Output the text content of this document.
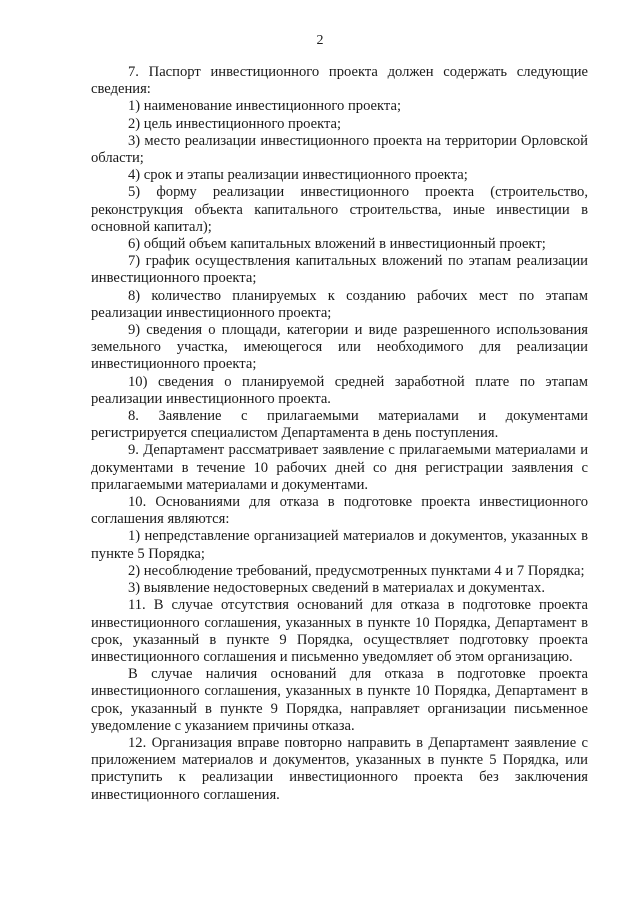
2

7. Паспорт инвестиционного проекта должен содержать следующие сведения:

1) наименование инвестиционного проекта;

2) цель инвестиционного проекта;

3) место реализации инвестиционного проекта на территории Орловской области;

4) срок и этапы реализации инвестиционного проекта;

5) форму реализации инвестиционного проекта (строительство, реконструкция объекта капитального строительства, иные инвестиции в основной капитал);

6) общий объем капитальных вложений в инвестиционный проект;

7) график осуществления капитальных вложений по этапам реализации инвестиционного проекта;

8) количество планируемых к созданию рабочих мест по этапам реализации инвестиционного проекта;

9) сведения о площади, категории и виде разрешенного использования земельного участка, имеющегося или необходимого для реализации инвестиционного проекта;

10) сведения о планируемой средней заработной плате по этапам реализации инвестиционного проекта.

8. Заявление с прилагаемыми материалами и документами регистрируется специалистом Департамента в день поступления.

9. Департамент рассматривает заявление с прилагаемыми материалами и документами в течение 10 рабочих дней со дня регистрации заявления с прилагаемыми материалами и документами.

10. Основаниями для отказа в подготовке проекта инвестиционного соглашения являются:

1) непредставление организацией материалов и документов, указанных в пункте 5 Порядка;

2) несоблюдение требований, предусмотренных пунктами 4 и 7 Порядка;

3) выявление недостоверных сведений в материалах и документах.

11. В случае отсутствия оснований для отказа в подготовке проекта инвестиционного соглашения, указанных в пункте 10 Порядка, Департамент в срок, указанный в пункте 9 Порядка, осуществляет подготовку проекта инвестиционного соглашения и письменно уведомляет об этом организацию.

В случае наличия оснований для отказа в подготовке проекта инвестиционного соглашения, указанных в пункте 10 Порядка, Департамент в срок, указанный в пункте 9 Порядка, направляет организации письменное уведомление с указанием причины отказа.

12. Организация вправе повторно направить в Департамент заявление с приложением материалов и документов, указанных в пункте 5 Порядка, или приступить к реализации инвестиционного проекта без заключения инвестиционного соглашения.
